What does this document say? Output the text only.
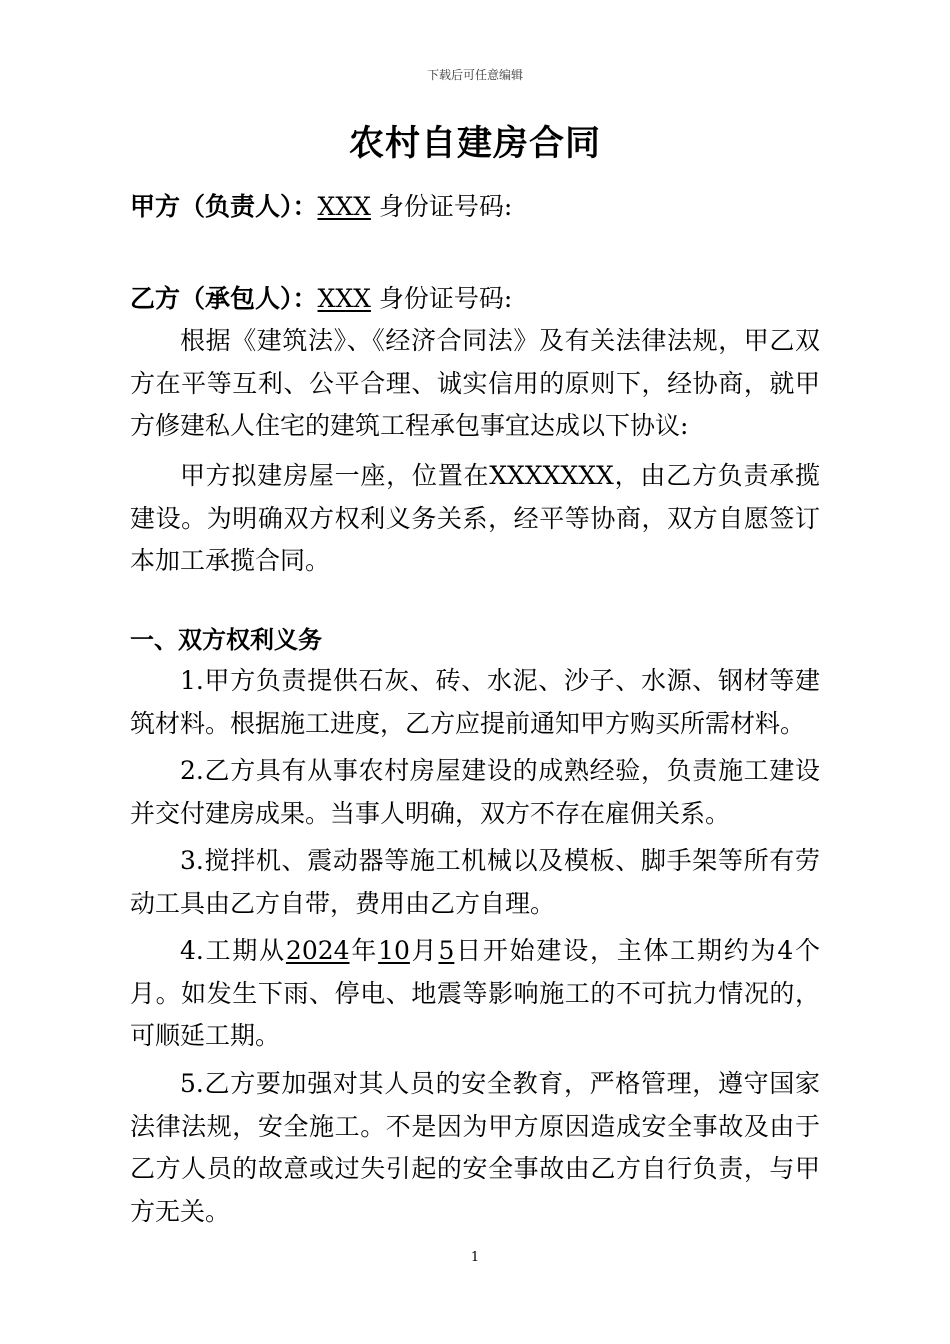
下载后可任意编辑
农村自建房合同
甲方（负责人）：XXX 身份证号码:
乙方（承包人）：XXX 身份证号码:
根据《建筑法》、《经济合同法》及有关法律法规，甲乙双方在平等互利、公平合理、诚实信用的原则下，经协商，就甲方修建私人住宅的建筑工程承包事宜达成以下协议:
甲方拟建房屋一座，位置在XXXXXXX，由乙方负责承揽建设。为明确双方权利义务关系，经平等协商，双方自愿签订本加工承揽合同。
一、双方权利义务
1.甲方负责提供石灰、砖、水泥、沙子、水源、钢材等建筑材料。根据施工进度，乙方应提前通知甲方购买所需材料。
2.乙方具有从事农村房屋建设的成熟经验，负责施工建设并交付建房成果。当事人明确，双方不存在雇佣关系。
3.搅拌机、震动器等施工机械以及模板、脚手架等所有劳动工具由乙方自带，费用由乙方自理。
4.工期从2024年10月5日开始建设，主体工期约为4个月。如发生下雨、停电、地震等影响施工的不可抗力情况的，可顺延工期。
5.乙方要加强对其人员的安全教育，严格管理，遵守国家法律法规，安全施工。不是因为甲方原因造成安全事故及由于乙方人员的故意或过失引起的安全事故由乙方自行负责，与甲方无关。
1
